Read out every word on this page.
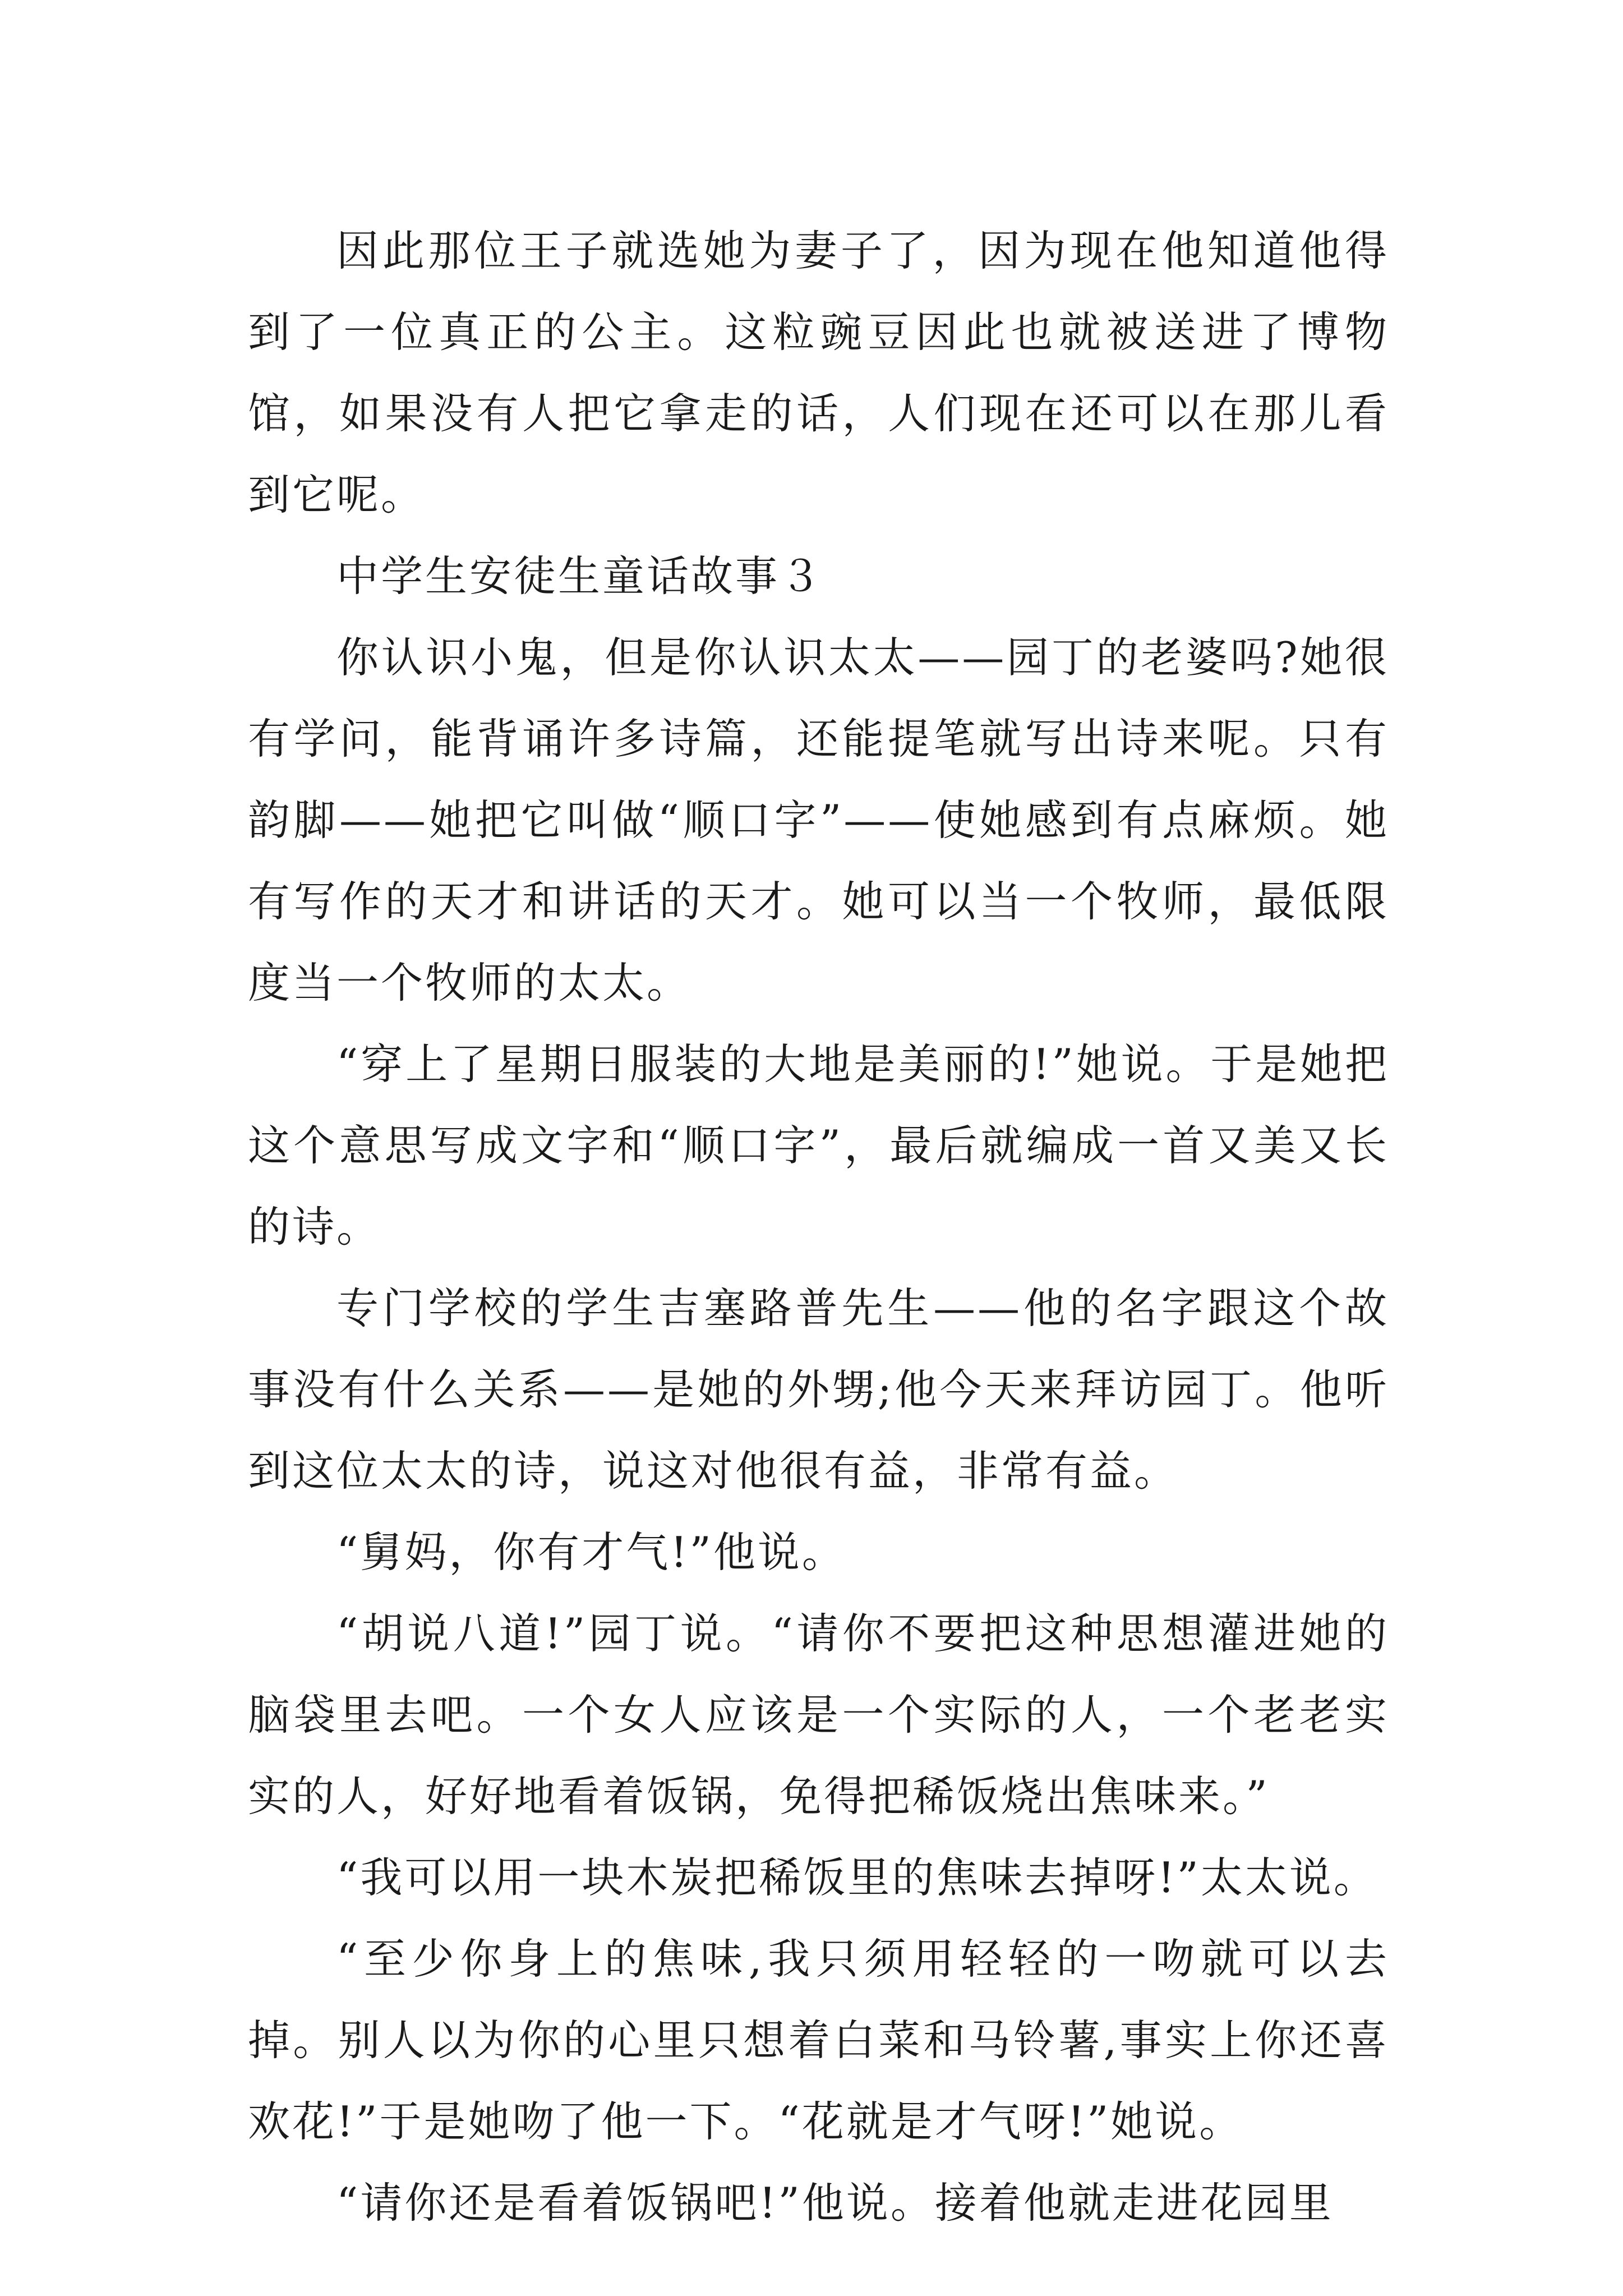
因此那位王子就选她为妻子了，因为现在他知道他得到了一位真正的公主。这粒豌豆因此也就被送进了博物馆，如果没有人把它拿走的话，人们现在还可以在那儿看到它呢。

中学生安徒生童话故事３

你认识小鬼，但是你认识太太——园丁的老婆吗?她很有学问，能背诵许多诗篇，还能提笔就写出诗来呢。只有韵脚——她把它叫做“顺口字”——使她感到有点麻烦。她有写作的天才和讲话的天才。她可以当一个牧师，最低限度当一个牧师的太太。

“穿上了星期日服装的大地是美丽的!”她说。于是她把这个意思写成文字和“顺口字”，最后就编成一首又美又长的诗。

专门学校的学生吉塞路普先生——他的名字跟这个故事没有什么关系——是她的外甥;他今天来拜访园丁。他听到这位太太的诗，说这对他很有益，非常有益。

“舅妈，你有才气!”他说。

“胡说八道!”园丁说。“请你不要把这种思想灌进她的脑袋里去吧。一个女人应该是一个实际的人，一个老老实实的人，好好地看着饭锅，免得把稀饭烧出焦味来。”

“我可以用一块木炭把稀饭里的焦味去掉呀!”太太说。

“至少你身上的焦味,我只须用轻轻的一吻就可以去掉。别人以为你的心里只想着白菜和马铃薯,事实上你还喜欢花!”于是她吻了他一下。“花就是才气呀!”她说。

“请你还是看着饭锅吧!”他说。接着他就走进花园里
